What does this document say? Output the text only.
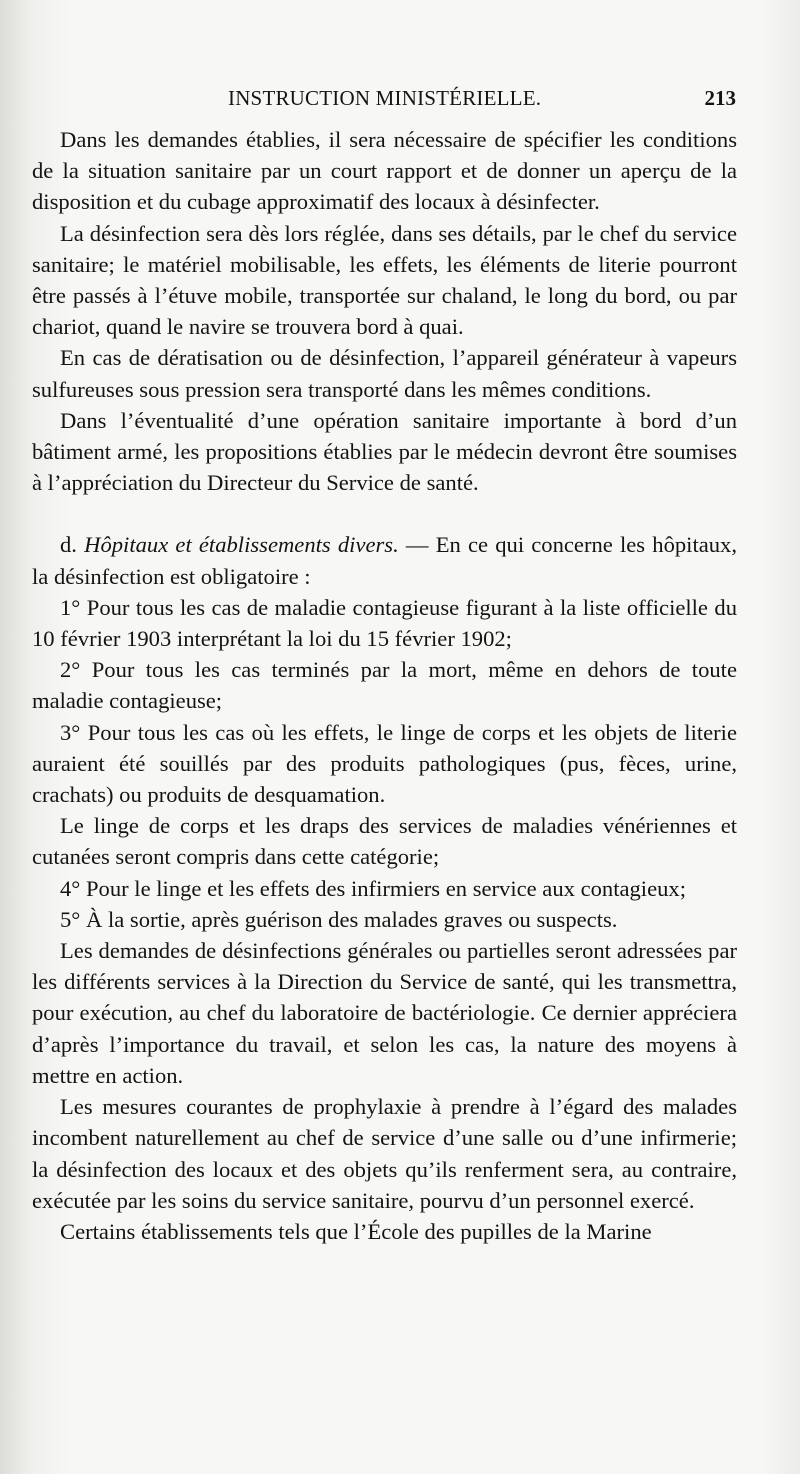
INSTRUCTION MINISTÉRIELLE.	213

Dans les demandes établies, il sera nécessaire de spécifier les conditions de la situation sanitaire par un court rapport et de donner un aperçu de la disposition et du cubage approximatif des locaux à désinfecter.

La désinfection sera dès lors réglée, dans ses détails, par le chef du service sanitaire; le matériel mobilisable, les effets, les éléments de literie pourront être passés à l’étuve mobile, transportée sur chaland, le long du bord, ou par chariot, quand le navire se trouvera bord à quai.

En cas de dératisation ou de désinfection, l’appareil générateur à vapeurs sulfureuses sous pression sera transporté dans les mêmes conditions.

Dans l’éventualité d’une opération sanitaire importante à bord d’un bâtiment armé, les propositions établies par le médecin devront être soumises à l’appréciation du Directeur du Service de santé.

d. Hôpitaux et établissements divers. — En ce qui concerne les hôpitaux, la désinfection est obligatoire :

1° Pour tous les cas de maladie contagieuse figurant à la liste officielle du 10 février 1903 interprétant la loi du 15 février 1902;

2° Pour tous les cas terminés par la mort, même en dehors de toute maladie contagieuse;

3° Pour tous les cas où les effets, le linge de corps et les objets de literie auraient été souillés par des produits pathologiques (pus, fèces, urine, crachats) ou produits de desquamation.

Le linge de corps et les draps des services de maladies vénériennes et cutanées seront compris dans cette catégorie;

4° Pour le linge et les effets des infirmiers en service aux contagieux;

5° À la sortie, après guérison des malades graves ou suspects.

Les demandes de désinfections générales ou partielles seront adressées par les différents services à la Direction du Service de santé, qui les transmettra, pour exécution, au chef du laboratoire de bactériologie. Ce dernier appréciera d’après l’importance du travail, et selon les cas, la nature des moyens à mettre en action.

Les mesures courantes de prophylaxie à prendre à l’égard des malades incombent naturellement au chef de service d’une salle ou d’une infirmerie; la désinfection des locaux et des objets qu’ils renferment sera, au contraire, exécutée par les soins du service sanitaire, pourvu d’un personnel exercé.

Certains établissements tels que l’École des pupilles de la Marine
